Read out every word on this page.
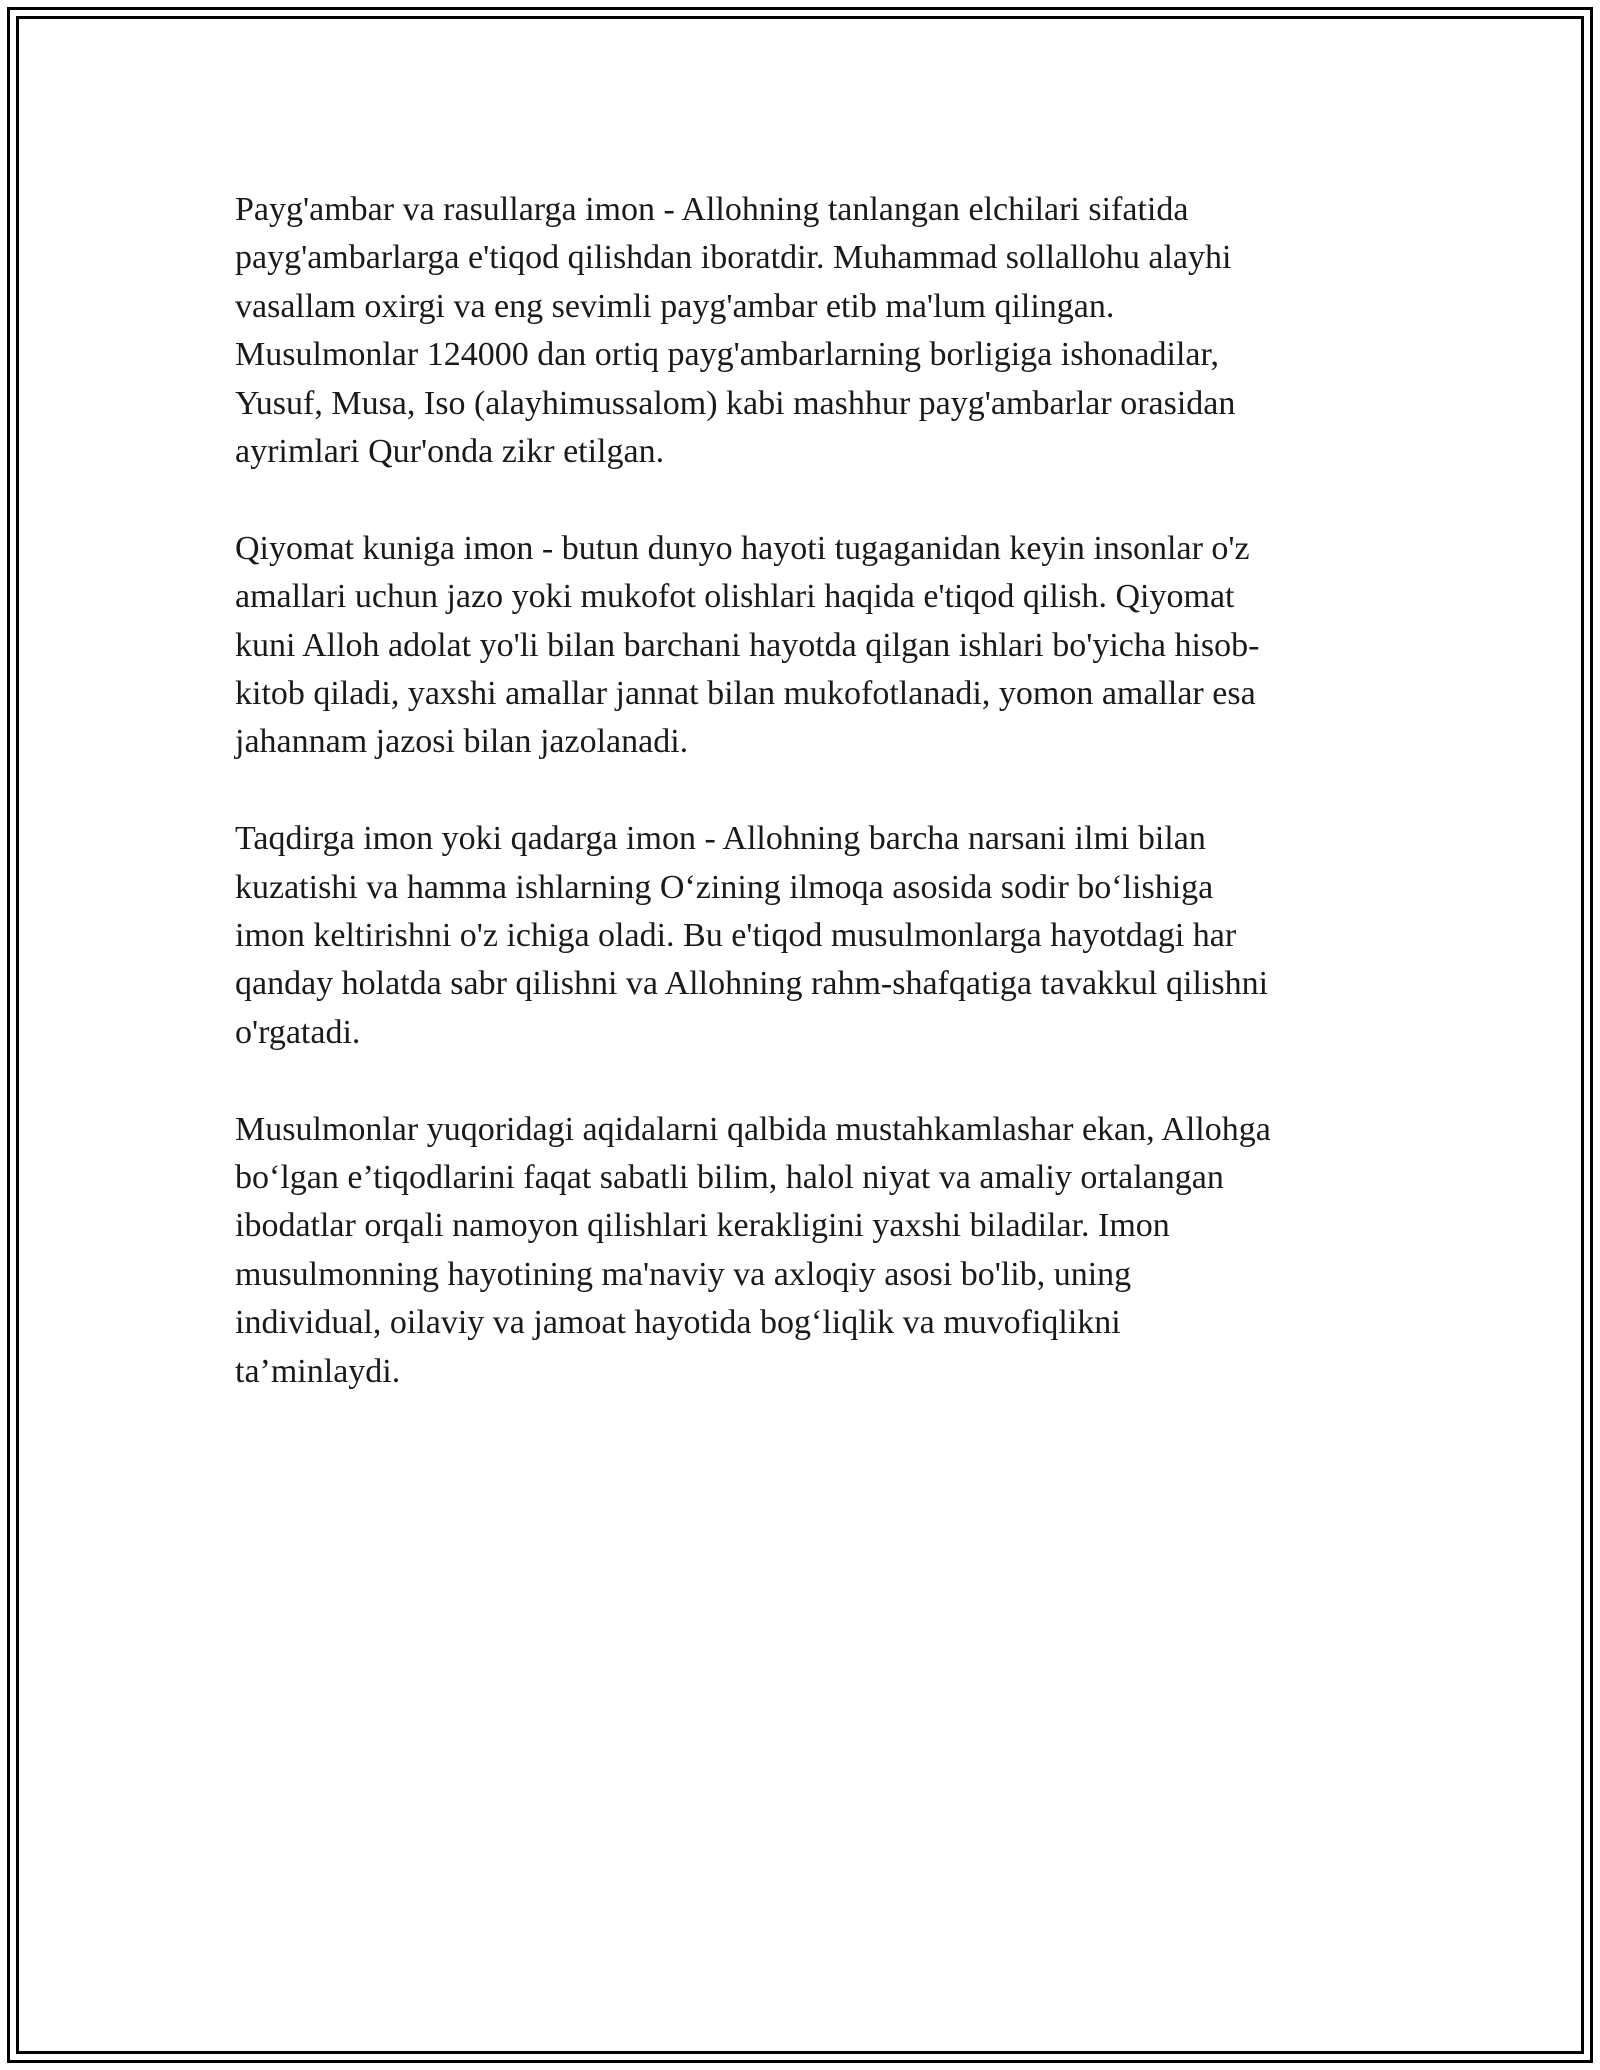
Payg'ambar va rasullarga imon - Allohning tanlangan elchilari sifatida
payg'ambarlarga e'tiqod qilishdan iboratdir. Muhammad sollallohu alayhi
vasallam oxirgi va eng sevimli payg'ambar etib ma'lum qilingan.
Musulmonlar 124000 dan ortiq payg'ambarlarning borligiga ishonadilar,
Yusuf, Musa, Iso (alayhimussalom) kabi mashhur payg'ambarlar orasidan
ayrimlari Qur'onda zikr etilgan.

Qiyomat kuniga imon - butun dunyo hayoti tugaganidan keyin insonlar o'z
amallari uchun jazo yoki mukofot olishlari haqida e'tiqod qilish. Qiyomat
kuni Alloh adolat yo'li bilan barchani hayotda qilgan ishlari bo'yicha hisob-
kitob qiladi, yaxshi amallar jannat bilan mukofotlanadi, yomon amallar esa
jahannam jazosi bilan jazolanadi.

Taqdirga imon yoki qadarga imon - Allohning barcha narsani ilmi bilan
kuzatishi va hamma ishlarning O‘zining ilmoqa asosida sodir bo‘lishiga
imon keltirishni o'z ichiga oladi. Bu e'tiqod musulmonlarga hayotdagi har
qanday holatda sabr qilishni va Allohning rahm-shafqatiga tavakkul qilishni
o'rgatadi.

Musulmonlar yuqoridagi aqidalarni qalbida mustahkamlashar ekan, Allohga
bo‘lgan e’tiqodlarini faqat sabatli bilim, halol niyat va amaliy ortalangan
ibodatlar orqali namoyon qilishlari kerakligini yaxshi biladilar. Imon
musulmonning hayotining ma'naviy va axloqiy asosi bo'lib, uning
individual, oilaviy va jamoat hayotida bog‘liqlik va muvofiqlikni
ta’minlaydi.
